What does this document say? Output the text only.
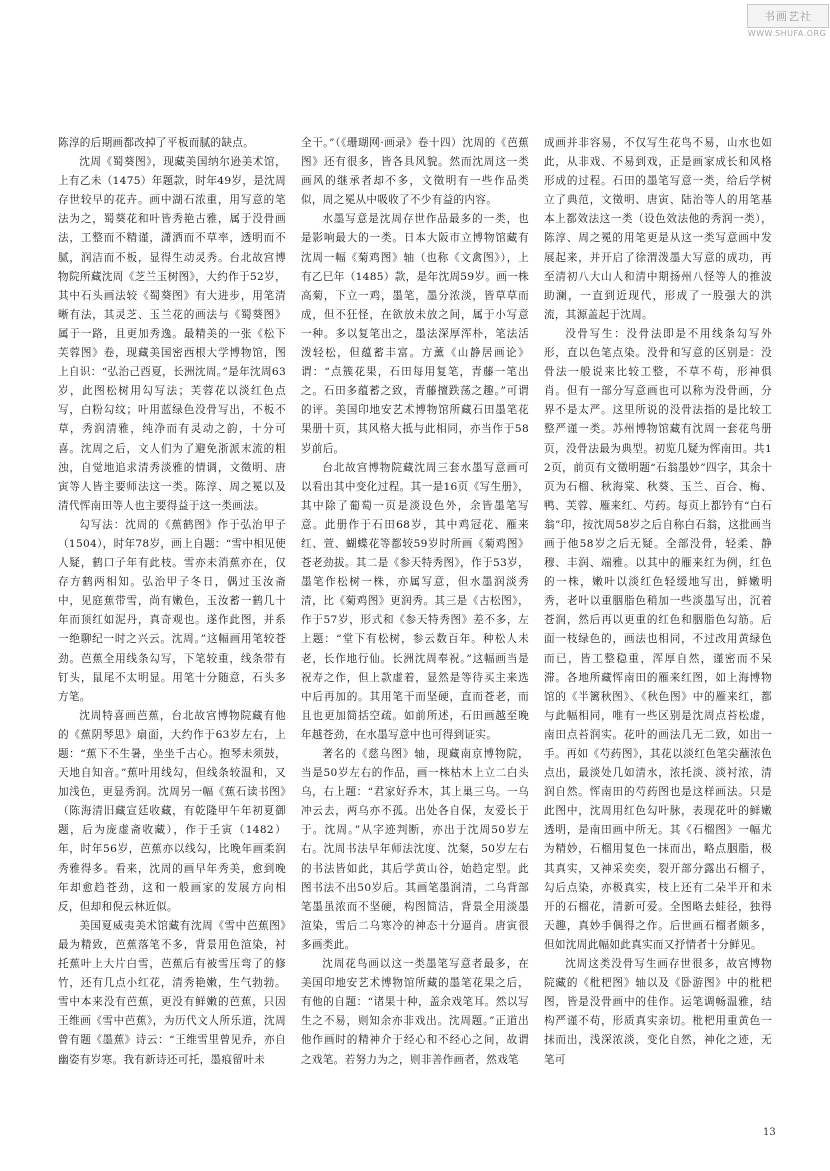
书画艺社
WWW.SHUFA.ORG

陈淳的后期画都改掉了平板而腻的缺点。

沈周《蜀葵图》，现藏美国纳尔逊美术馆，上有乙未（1475）年题款，时年49岁，是沈周存世较早的花卉。画中湖石浓重，用写意的笔法为之，蜀葵花和叶皆秀艳古雅，属于没骨画法，工整而不精谨，潇洒而不草率，透明而不腻，润洁而不板，显得生动灵秀。台北故宫博物院所藏沈周《芝兰玉树图》，大约作于52岁，其中石头画法较《蜀葵图》有大进步，用笔清晰有法，其灵芝、玉兰花的画法与《蜀葵图》属于一路，且更加秀逸。最精美的一张《松下芙蓉图》卷，现藏美国密西根大学博物馆，图上自识：“弘治己酉夏，长洲沈周。”是年沈周63岁，此图松树用勾写法；芙蓉花以淡红色点写，白粉勾纹；叶用蓝绿色没骨写出，不板不草，秀润清雅，纯净而有灵动之韵，十分可喜。沈周之后，文人们为了避免浙派末流的粗浊，自觉地追求清秀淡雅的情调，文徵明、唐寅等人皆主要师法这一类。陈淳、周之冕以及清代恽南田等人也主要得益于这一类画法。

勾写法：沈周的《蕉鹤图》作于弘治甲子（1504），时年78岁，画上自题：“雪中相见使人疑，鹤口子年有此枝。雪亦未消蕉亦在，仅存方鹤两相知。弘治甲子冬日，偶过玉汝斋中，见庭蕉带雪，尚有嫩色，玉汝蓄一鹤几十年而顶红如泥丹，真奇观也。遂作此图，并系一绝聊纪一时之兴云。沈周。”这幅画用笔较苍劲。芭蕉全用线条勾写，下笔较重，线条带有钉头，鼠尾不太明显。用笔十分随意，石头多方笔。

沈周特喜画芭蕉，台北故宫博物院藏有他的《蕉阴琴思》扇面，大约作于63岁左右，上题：“蕉下不生暑，坐坐千古心。抱琴未须鼓，天地自知音。”蕉叶用线勾，但线条较温和，又加浅色，更显秀润。沈周另一幅《蕉石读书图》（陈海清旧藏宣廷收藏，有乾隆甲午年初夏御题，后为庞虚斋收藏），作于壬寅（1482）年，时年56岁，芭蕉亦以线勾，比晚年画柔润秀雅得多。看来，沈周的画早年秀美，愈到晚年却愈趋苍劲，这和一般画家的发展方向相反，但却和倪云林近似。

美国夏威夷美术馆藏有沈周《雪中芭蕉图》最为精致，芭蕉落笔不多，背景用色渲染，衬托蕉叶上大片白雪，芭蕉后有被雪压弯了的修竹，还有几点小红花，清秀艳嫩，生气勃勃。雪中本来没有芭蕉，更没有鲜嫩的芭蕉，只因王维画《雪中芭蕉》，为历代文人所乐道，沈周曾有题《墨蕉》诗云：“王维雪里曾见乔，亦自幽姿有岁寒。我有新诗还可托，墨痕留叶未

全干。”（《珊瑚网·画录》卷十四）沈周的《芭蕉图》还有很多，皆各具风貌。然而沈周这一类画风的继承者却不多，文徵明有一些作品类似，周之冕从中吸收了不少有益的内容。

水墨写意是沈周存世作品最多的一类，也是影响最大的一类。日本大阪市立博物馆藏有沈周一幅《菊鸡图》轴（也称《文禽图》），上有乙巳年（1485）款，是年沈周59岁。画一株高菊，下立一鸡，墨笔，墨分浓淡，皆草草而成，但不狂怪，在欲放未放之间，属于小写意一种。多以复笔出之，墨法深厚浑朴，笔法活泼轻松，但蕴蓄丰富。方薰《山静居画论》谓：“点簇花果，石田每用复笔，青藤一笔出之。石田多蕴蓄之致，青藤擅跌荡之趣。”可谓的评。美国印地安艺术博物馆所藏石田墨笔花果册十页，其风格大抵与此相同，亦当作于58岁前后。

台北故宫博物院藏沈周三套水墨写意画可以看出其中变化过程。其一是16页《写生册》，其中除了葡萄一页是淡设色外，余皆墨笔写意。此册作于石田68岁，其中鸡冠花、雁来红、萱、蝴蝶花等都较59岁时所画《菊鸡图》苍老劲拔。其二是《参天特秀图》，作于53岁，墨笔作松树一株，亦属写意，但水墨润淡秀清，比《菊鸡图》更润秀。其三是《古松图》，作于57岁，形式和《参天特秀图》差不多，左上题：“堂下有松树，参云数百年。种松人未老，长作地行仙。长洲沈周奉祝。”这幅画当是祝寿之作，但上款虚着，显然是等待买主来选中后再加的。其用笔干而坚硬，直而苍老，而且也更加简括空疏。如前所述，石田画越至晚年越苍劲，在水墨写意中也可得到证实。

著名的《慈乌图》轴，现藏南京博物院，当是50岁左右的作品，画一株枯木上立二白头乌，右上题：“君家好乔木，其上巢三乌。一乌冲云去，两乌亦不孤。出处各自保，友爱长于于。沈周。”从字迹判断，亦出于沈周50岁左右。沈周书法早年师法沈度、沈粲，50岁左右的书法皆如此，其后学黄山谷，始趋定型。此图书法不出50岁后。其画笔墨润清，二乌背部笔墨虽浓而不坚硬，构图简洁，背景全用淡墨渲染，雪后二乌寒冷的神态十分逼肖。唐寅很多画类此。

沈周花鸟画以这一类墨笔写意者最多，在美国印地安艺术博物馆所藏的墨笔花果之后，有他的自题：“诸果十种，盖余戏笔耳。然以写生之不易，则知余亦非戏出。沈周题。”正道出他作画时的精神介于经心和不经心之间，故谓之戏笔。若努力为之，则非善作画者，然戏笔

成画并非容易，不仅写生花鸟不易，山水也如此，从非戏、不易到戏，正是画家成长和风格形成的过程。石田的墨笔写意一类，给后学树立了典范，文徵明、唐寅、陆治等人的用笔基本上都效法这一类（设色效法他的秀润一类），陈淳、周之冕的用笔更是从这一类写意画中发展起来，并开启了徐渭泼墨大写意的成功，再至清初八大山人和清中期扬州八怪等人的推波助澜，一直到近现代，形成了一股强大的洪流，其源盖起于沈周。

没骨写生：没骨法即是不用线条勾写外形，直以色笔点染。没骨和写意的区别是：没骨法一般说来比较工整，不草不苟，形神俱肖。但有一部分写意画也可以称为没骨画，分界不是太严。这里所说的没骨法指的是比较工整严谨一类。苏州博物馆藏有沈周一套花鸟册页，没骨法最为典型。初览几疑为恽南田。共12页，前页有文徵明题“石翁墨妙”四字，其余十页为石榴、秋海棠、秋葵、玉兰、百合、梅、鸭、芙蓉、雁来红、芍药。每页上都钤有“白石翁”印，按沈周58岁之后自称白石翁，这批画当画于他58岁之后无疑。全部没骨，轻柔、静穆、丰润、端雅。以其中的雁来红为例，红色的一株，嫩叶以淡红色轻缓地写出，鲜嫩明秀，老叶以重胭脂色稍加一些淡墨写出，沉着苍润，然后再以更重的红色和胭脂色勾筋。后面一枝绿色的，画法也相同，不过改用黄绿色而已，皆工整稳重，浑厚自然，谨密而不呆滞。各地所藏恽南田的雁来红图，如上海博物馆的《半篱秋图》、《秋色图》中的雁来红，都与此幅相同，唯有一些区别是沈周点苔松虚，南田点苔润实。花叶的画法几无二致，如出一手。再如《芍药图》，其花以淡红色笔尖蘸浓色点出，最淡处几如清水，浓托淡、淡衬浓，清润自然。恽南田的芍药图也是这样画法。只是此图中，沈周用红色勾叶脉，表现花叶的鲜嫩透明，是南田画中所无。其《石榴图》一幅尤为精妙，石榴用复色一抹而出，略点胭脂，极其真实，又神采奕奕，裂开部分露出石榴子，勾后点染，亦极真实，枝上还有二朵半开和未开的石榴花，清新可爱。全图略去蛙径，独得天趣，真妙手偶得之作。后世画石榴者颇多，但如沈周此幅如此真实而又抒情者十分鲜见。

沈周这类没骨写生画存世很多，故宫博物院藏的《枇杷图》轴以及《卧游图》中的枇杷图，皆是没骨画中的佳作。运笔调畅温雅，结构严谨不苟，形质真实亲切。枇杷用重黄色一抹而出，浅深浓淡，变化自然，神化之迹，无笔可

13
